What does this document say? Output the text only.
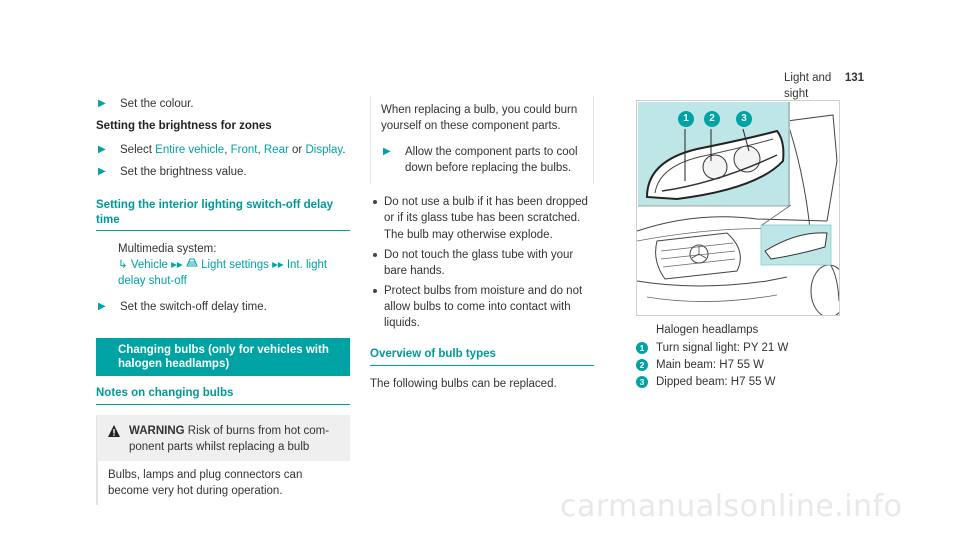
Light and sight
131
▶	Set the colour.
Setting the brightness for zones
▶	Select Entire vehicle, Front, Rear or Display.
▶	Set the brightness value.
Setting the interior lighting switch-off delay time
Multimedia system:
↳ Vehicle ▸▸ Light settings ▸▸ Int. light delay shut-off
▶	Set the switch-off delay time.
Changing bulbs (only for vehicles with halogen headlamps)
Notes on changing bulbs
WARNING Risk of burns from hot component parts whilst replacing a bulb
Bulbs, lamps and plug connectors can become very hot during operation.
When replacing a bulb, you could burn yourself on these component parts.
▶	Allow the component parts to cool down before replacing the bulbs.
Do not use a bulb if it has been dropped or if its glass tube has been scratched. The bulb may otherwise explode.
Do not touch the glass tube with your bare hands.
Protect bulbs from moisture and do not allow bulbs to come into contact with liquids.
Overview of bulb types
The following bulbs can be replaced.
1	2	3
Halogen headlamps
1	Turn signal light: PY 21 W
2	Main beam: H7 55 W
3	Dipped beam: H7 55 W
carmanualsonline.info
